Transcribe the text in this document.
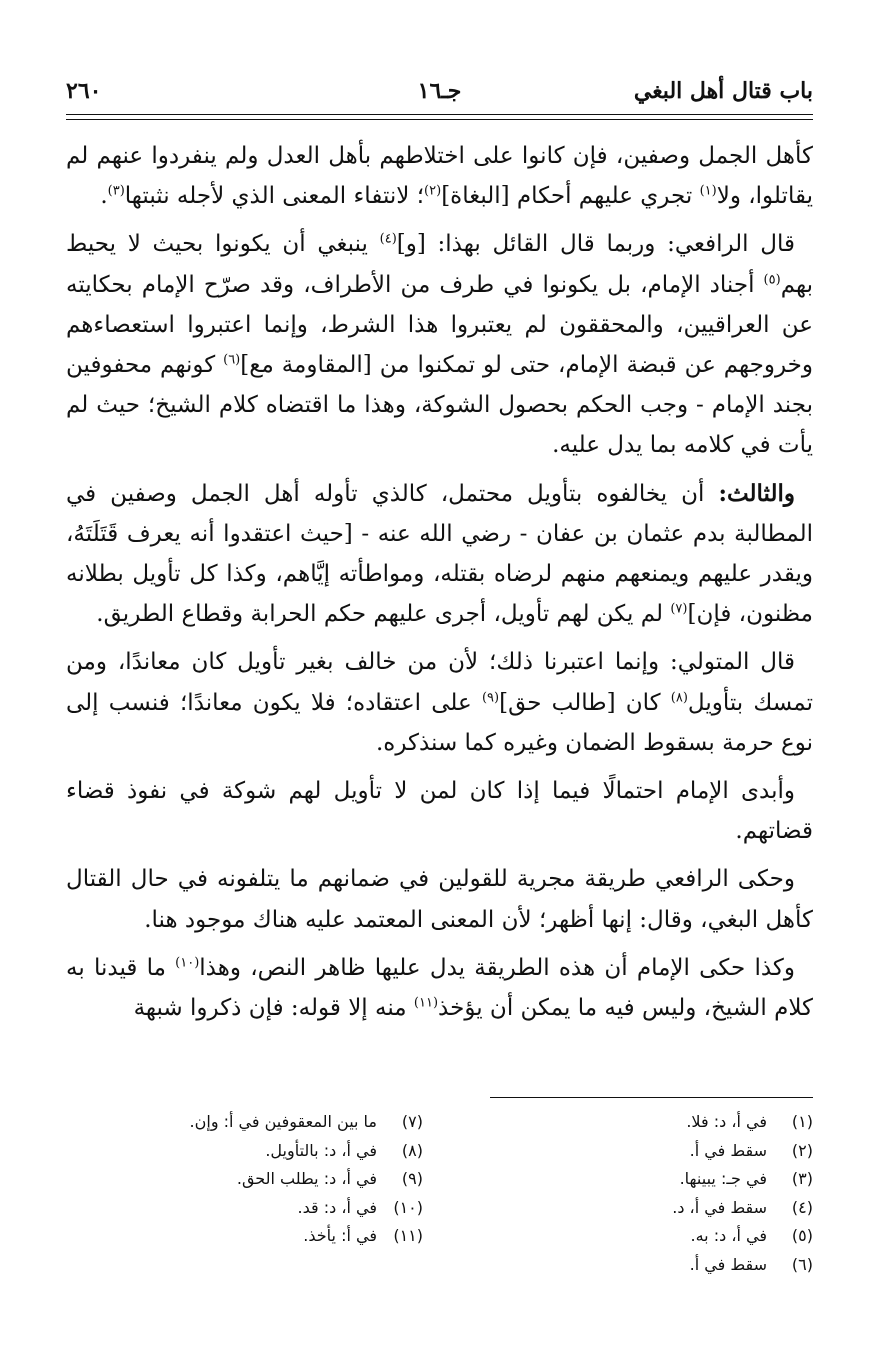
باب قتال أهل البغي
جـ١٦
٢٦٠

كأهل الجمل وصفين، فإن كانوا على اختلاطهم بأهل العدل ولم ينفردوا عنهم لم يقاتلوا، ولا$^{(١)}$ تجري عليهم أحكام [البغاة]$^{(٢)}$؛ لانتفاء المعنى الذي لأجله نثبتها$^{(٣)}$.

قال الرافعي: وربما قال القائل بهذا: [و]$^{(٤)}$ ينبغي أن يكونوا بحيث لا يحيط بهم$^{(٥)}$ أجناد الإمام، بل يكونوا في طرف من الأطراف، وقد صرّح الإمام بحكايته عن العراقيين، والمحققون لم يعتبروا هذا الشرط، وإنما اعتبروا استعصاءهم وخروجهم عن قبضة الإمام، حتى لو تمكنوا من [المقاومة مع]$^{(٦)}$ كونهم محفوفين بجند الإمام - وجب الحكم بحصول الشوكة، وهذا ما اقتضاه كلام الشيخ؛ حيث لم يأت في كلامه بما يدل عليه.

والثالث: أن يخالفوه بتأويل محتمل، كالذي تأوله أهل الجمل وصفين في المطالبة بدم عثمان بن عفان - رضي الله عنه - [حيث اعتقدوا أنه يعرف قَتَلَتَهُ، ويقدر عليهم ويمنعهم منهم لرضاه بقتله، ومواطأته إيَّاهم، وكذا كل تأويل بطلانه مظنون، فإن]$^{(٧)}$ لم يكن لهم تأويل، أجرى عليهم حكم الحرابة وقطاع الطريق.

قال المتولي: وإنما اعتبرنا ذلك؛ لأن من خالف بغير تأويل كان معاندًا، ومن تمسك بتأويل$^{(٨)}$ كان [طالب حق]$^{(٩)}$ على اعتقاده؛ فلا يكون معاندًا؛ فنسب إلى نوع حرمة بسقوط الضمان وغيره كما سنذكره.

وأبدى الإمام احتمالًا فيما إذا كان لمن لا تأويل لهم شوكة في نفوذ قضاء قضاتهم.

وحكى الرافعي طريقة مجرية للقولين في ضمانهم ما يتلفونه في حال القتال كأهل البغي، وقال: إنها أظهر؛ لأن المعنى المعتمد عليه هناك موجود هنا.

وكذا حكى الإمام أن هذه الطريقة يدل عليها ظاهر النص، وهذا$^{(١٠)}$ ما قيدنا به كلام الشيخ، وليس فيه ما يمكن أن يؤخذ$^{(١١)}$ منه إلا قوله: فإن ذكروا شبهة

(١)في أ، د: فلا.
(٢)سقط في أ.
(٣)في جـ: يبينها.
(٤)سقط في أ، د.
(٥)في أ، د: به.
(٦)سقط في أ.
(٧)ما بين المعقوفين في أ: وإن.
(٨)في أ، د: بالتأويل.
(٩)في أ، د: يطلب الحق.
(١٠)في أ، د: قد.
(١١)في أ: يأخذ.
